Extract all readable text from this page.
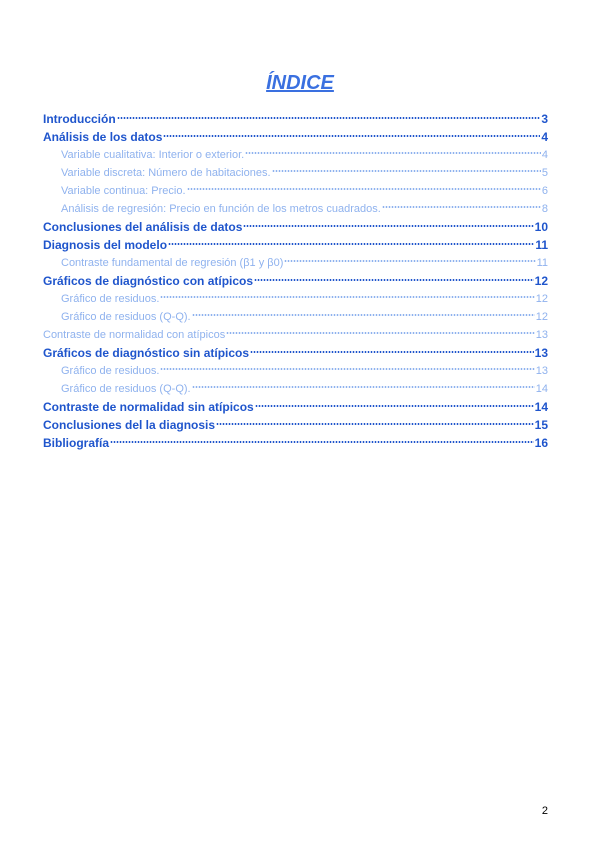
ÍNDICE
Introducción	3
Análisis de los datos	4
Variable cualitativa: Interior o exterior.	4
Variable discreta: Número de habitaciones.	5
Variable continua: Precio.	6
Análisis de regresión: Precio en función de los metros cuadrados.	8
Conclusiones del análisis de datos	10
Diagnosis del modelo	11
Contraste fundamental de regresión (β1 y β0)	11
Gráficos de diagnóstico con atípicos	12
Gráfico de residuos.	12
Gráfico de residuos (Q-Q).	12
Contraste de normalidad con atípicos	13
Gráficos de diagnóstico sin atípicos	13
Gráfico de residuos.	13
Gráfico de residuos (Q-Q).	14
Contraste de normalidad sin atípicos	14
Conclusiones del la diagnosis	15
Bibliografía	16
2
